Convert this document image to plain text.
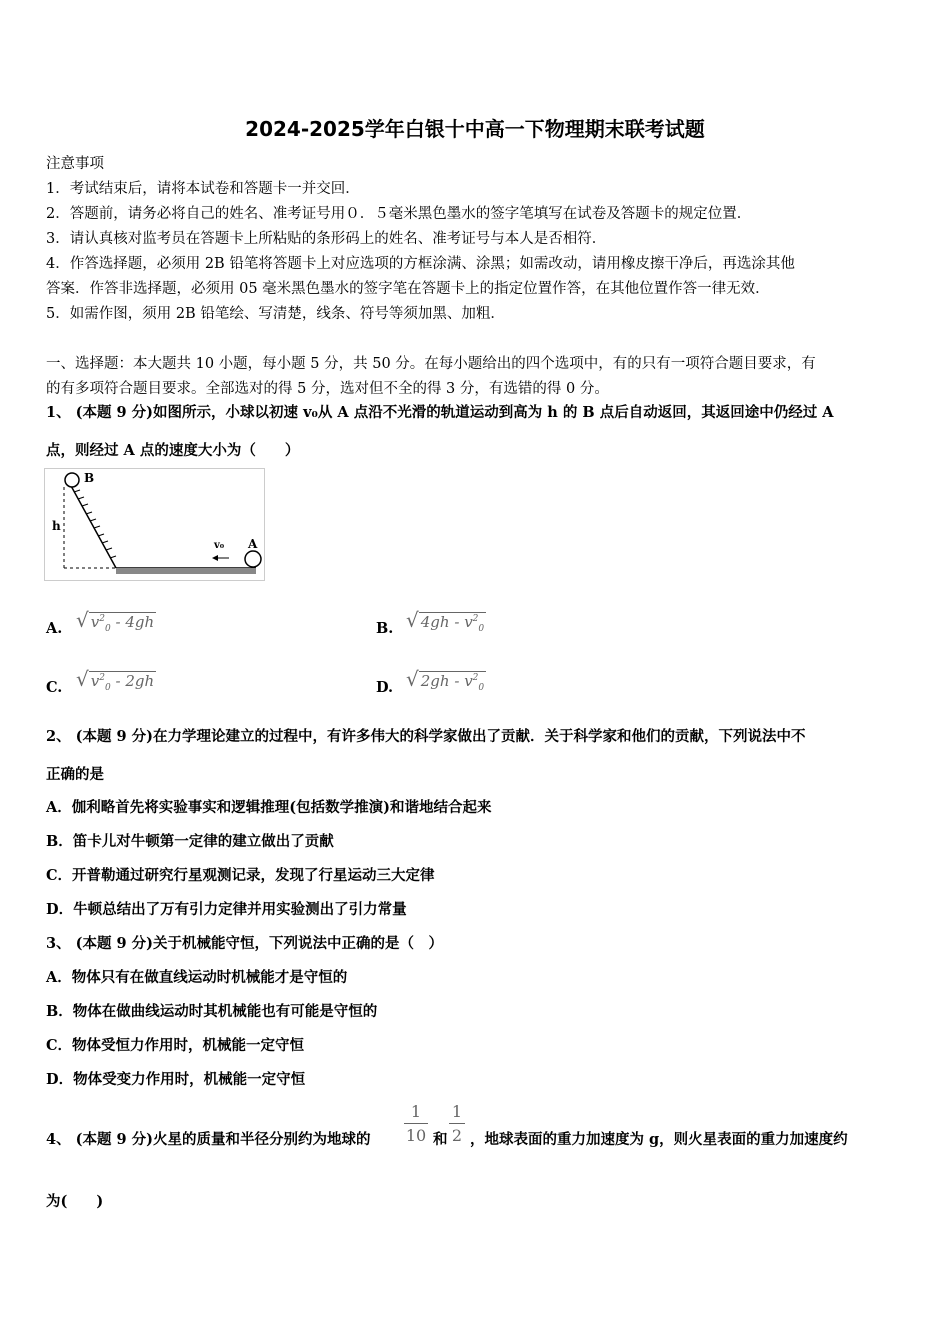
2024-2025学年白银十中高一下物理期末联考试题
注意事项
1．考试结束后，请将本试卷和答题卡一并交回．
2．答题前，请务必将自己的姓名、准考证号用０．５毫米黑色墨水的签字笔填写在试卷及答题卡的规定位置．
3．请认真核对监考员在答题卡上所粘贴的条形码上的姓名、准考证号与本人是否相符．
4．作答选择题，必须用 2B 铅笔将答题卡上对应选项的方框涂满、涂黑；如需改动，请用橡皮擦干净后，再选涂其他
答案．作答非选择题，必须用 05 毫米黑色墨水的签字笔在答题卡上的指定位置作答，在其他位置作答一律无效．
5．如需作图，须用 2B 铅笔绘、写清楚，线条、符号等须加黑、加粗．
一、选择题：本大题共 10 小题，每小题 5 分，共 50 分。在每小题给出的四个选项中，有的只有一项符合题目要求，有
的有多项符合题目要求。全部选对的得 5 分，选对但不全的得 3 分，有选错的得 0 分。
1、 (本题 9 分)如图所示，小球以初速 v₀从 A 点沿不光滑的轨道运动到高为 h 的 B 点后自动返回，其返回途中仍经过 A
点，则经过 A 点的速度大小为（　　）
B
h
A
v₀
A. √ $v^2_0 - 4gh$	B. √ $4gh - v^2_0$
C. √ $v^2_0 - 2gh$	D. √ $2gh - v^2_0$
2、 (本题 9 分)在力学理论建立的过程中，有许多伟大的科学家做出了贡献．关于科学家和他们的贡献，下列说法中不
正确的是
A．伽利略首先将实验事实和逻辑推理(包括数学推演)和谐地结合起来
B．笛卡儿对牛顿第一定律的建立做出了贡献
C．开普勒通过研究行星观测记录，发现了行星运动三大定律
D．牛顿总结出了万有引力定律并用实验测出了引力常量
3、 (本题 9 分)关于机械能守恒，下列说法中正确的是（　）
A．物体只有在做直线运动时机械能才是守恒的
B．物体在做曲线运动时其机械能也有可能是守恒的
C．物体受恒力作用时，机械能一定守恒
D．物体受变力作用时，机械能一定守恒
4、 (本题 9 分)火星的质量和半径分别约为地球的
1
10 和
1
2 ，地球表面的重力加速度为 g，则火星表面的重力加速度约
为(　　)
